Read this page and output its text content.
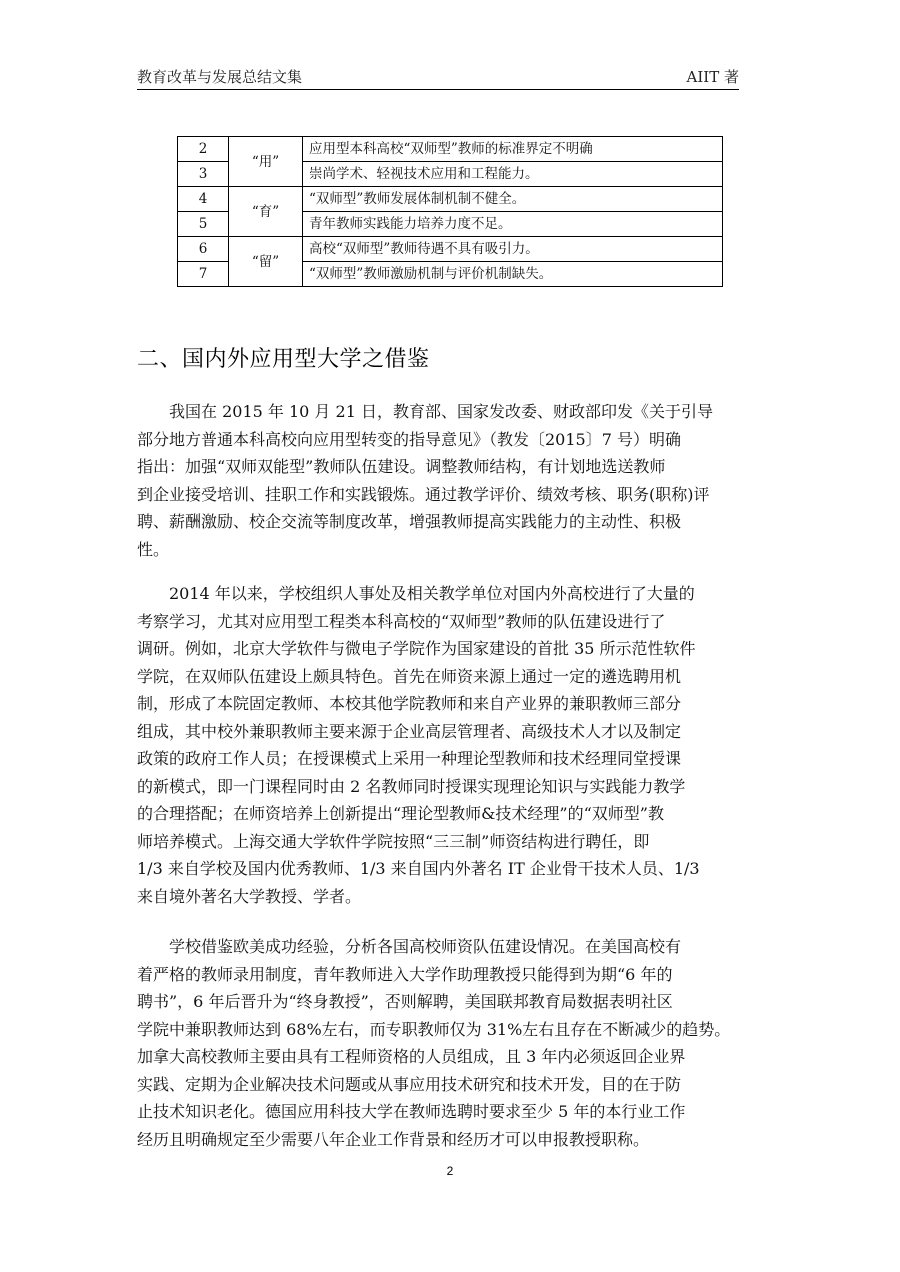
教育改革与发展总结文集	AIIT 著
2	“用”	应用型本科高校“双师型”教师的标准界定不明确
3		崇尚学术、轻视技术应用和工程能力。
4	“育”	“双师型”教师发展体制机制不健全。
5		青年教师实践能力培养力度不足。
6	“留”	高校“双师型”教师待遇不具有吸引力。
7		“双师型”教师激励机制与评价机制缺失。
二、国内外应用型大学之借鉴
我国在 2015 年 10 月 21 日，教育部、国家发改委、财政部印发《关于引导
部分地方普通本科高校向应用型转变的指导意见》（教发〔2015〕7 号）明确
指出：加强“双师双能型”教师队伍建设。调整教师结构，有计划地选送教师
到企业接受培训、挂职工作和实践锻炼。通过教学评价、绩效考核、职务(职称)评
聘、薪酬激励、校企交流等制度改革，增强教师提高实践能力的主动性、积极
性。
2014 年以来，学校组织人事处及相关教学单位对国内外高校进行了大量的
考察学习，尤其对应用型工程类本科高校的“双师型”教师的队伍建设进行了
调研。例如，北京大学软件与微电子学院作为国家建设的首批 35 所示范性软件
学院，在双师队伍建设上颇具特色。首先在师资来源上通过一定的遴选聘用机
制，形成了本院固定教师、本校其他学院教师和来自产业界的兼职教师三部分
组成，其中校外兼职教师主要来源于企业高层管理者、高级技术人才以及制定
政策的政府工作人员；在授课模式上采用一种理论型教师和技术经理同堂授课
的新模式，即一门课程同时由 2 名教师同时授课实现理论知识与实践能力教学
的合理搭配；在师资培养上创新提出“理论型教师&技术经理”的“双师型”教
师培养模式。上海交通大学软件学院按照“三三制”师资结构进行聘任，即
1/3 来自学校及国内优秀教师、1/3 来自国内外著名 IT 企业骨干技术人员、1/3
来自境外著名大学教授、学者。
学校借鉴欧美成功经验，分析各国高校师资队伍建设情况。在美国高校有
着严格的教师录用制度，青年教师进入大学作助理教授只能得到为期“6 年的
聘书”，6 年后晋升为“终身教授”，否则解聘，美国联邦教育局数据表明社区
学院中兼职教师达到 68%左右，而专职教师仅为 31%左右且存在不断减少的趋势。
加拿大高校教师主要由具有工程师资格的人员组成，且 3 年内必须返回企业界
实践、定期为企业解决技术问题或从事应用技术研究和技术开发，目的在于防
止技术知识老化。德国应用科技大学在教师选聘时要求至少 5 年的本行业工作
经历且明确规定至少需要八年企业工作背景和经历才可以申报教授职称。
2
